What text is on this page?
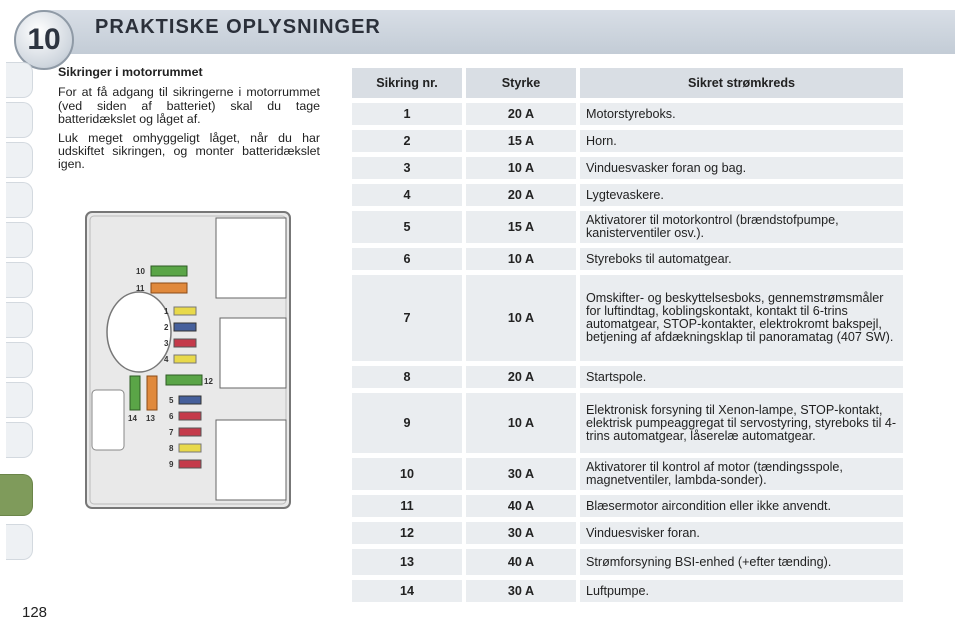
10	PRAKTISKE OPLYSNINGER
128
Sikringer i motorrummet

For at få adgang til sikringerne i motorrummet (ved siden af batteriet) skal du tage batteridækslet og låget af.

Luk meget omhyggeligt låget, når du har udskiftet sikringen, og monter batteridækslet igen.

10
11
1
2
3
4
12
5
6
7
8
9
14 13
Sikring nr.	Styrke	Sikret strømkreds
1	20 A	Motorstyreboks.
2	15 A	Horn.
3	10 A	Vinduesvasker foran og bag.
4	20 A	Lygtevaskere.
5	15 A	Aktivatorer til motorkontrol (brændstofpumpe, kanisterventiler osv.).
6	10 A	Styreboks til automatgear.
7	10 A	Omskifter- og beskyttelsesboks, gennemstrømsmåler for luftindtag, koblingskontakt, kontakt til 6-trins automatgear, STOP-kontakter, elektrokromt bakspejl, betjening af afdækningsklap til panoramatag (407 SW).
8	20 A	Startspole.
9	10 A	Elektronisk forsyning til Xenon-lampe, STOP-kontakt, elektrisk pumpeaggregat til servostyring, styreboks til 4-trins automatgear, låserelæ automatgear.
10	30 A	Aktivatorer til kontrol af motor (tændingsspole, magnetventiler, lambda-sonder).
11	40 A	Blæsermotor aircondition eller ikke anvendt.
12	30 A	Vinduesvisker foran.
13	40 A	Strømforsyning BSI-enhed (+efter tænding).
14	30 A	Luftpumpe.
